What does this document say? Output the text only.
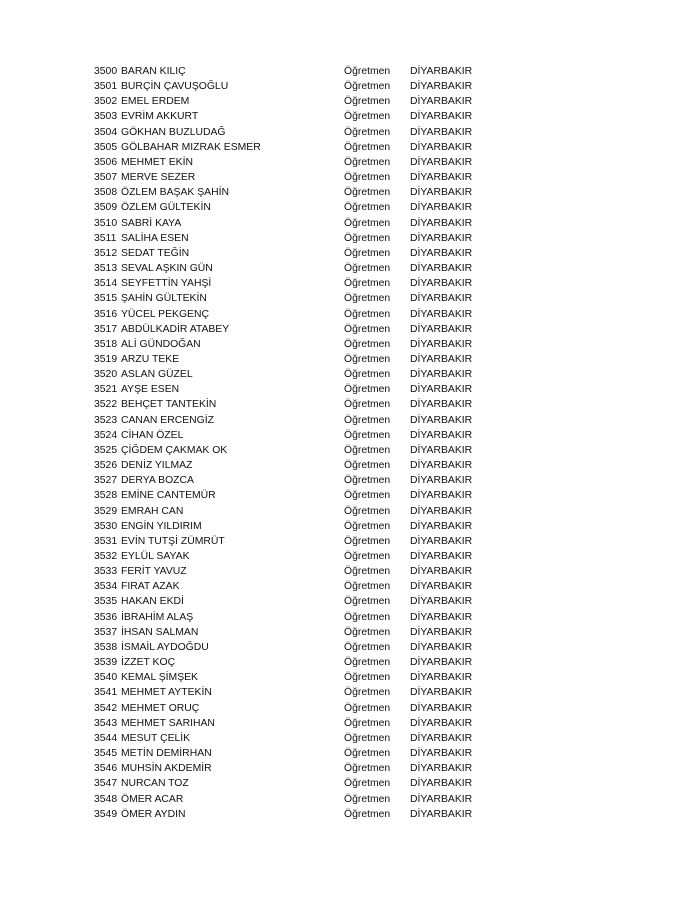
3500 BARAN KILIÇ	Öğretmen DİYARBAKIR
3501 BURÇİN ÇAVUŞOĞLU	Öğretmen DİYARBAKIR
3502 EMEL ERDEM	Öğretmen DİYARBAKIR
3503 EVRİM AKKURT	Öğretmen DİYARBAKIR
3504 GÖKHAN BUZLUDAĞ	Öğretmen DİYARBAKIR
3505 GÖLBAHAR MIZRAK ESMER	Öğretmen DİYARBAKIR
3506 MEHMET EKİN	Öğretmen DİYARBAKIR
3507 MERVE SEZER	Öğretmen DİYARBAKIR
3508 ÖZLEM BAŞAK ŞAHİN	Öğretmen DİYARBAKIR
3509 ÖZLEM GÜLTEKİN	Öğretmen DİYARBAKIR
3510 SABRİ KAYA	Öğretmen DİYARBAKIR
3511 SALİHA ESEN	Öğretmen DİYARBAKIR
3512 SEDAT TEĞİN	Öğretmen DİYARBAKIR
3513 SEVAL AŞKIN GÜN	Öğretmen DİYARBAKIR
3514 SEYFETTİN YAHŞİ	Öğretmen DİYARBAKIR
3515 ŞAHİN GÜLTEKİN	Öğretmen DİYARBAKIR
3516 YÜCEL PEKGENÇ	Öğretmen DİYARBAKIR
3517 ABDÜLKADİR ATABEY	Öğretmen DİYARBAKIR
3518 ALİ GÜNDOĞAN	Öğretmen DİYARBAKIR
3519 ARZU TEKE	Öğretmen DİYARBAKIR
3520 ASLAN GÜZEL	Öğretmen DİYARBAKIR
3521 AYŞE ESEN	Öğretmen DİYARBAKIR
3522 BEHÇET TANTEKİN	Öğretmen DİYARBAKIR
3523 CANAN ERCENGİZ	Öğretmen DİYARBAKIR
3524 CİHAN ÖZEL	Öğretmen DİYARBAKIR
3525 ÇİĞDEM ÇAKMAK OK	Öğretmen DİYARBAKIR
3526 DENİZ YILMAZ	Öğretmen DİYARBAKIR
3527 DERYA BOZCA	Öğretmen DİYARBAKIR
3528 EMİNE CANTEMÜR	Öğretmen DİYARBAKIR
3529 EMRAH CAN	Öğretmen DİYARBAKIR
3530 ENGİN YILDIRIM	Öğretmen DİYARBAKIR
3531 EVİN TUTŞİ ZÜMRÜT	Öğretmen DİYARBAKIR
3532 EYLÜL SAYAK	Öğretmen DİYARBAKIR
3533 FERİT YAVUZ	Öğretmen DİYARBAKIR
3534 FIRAT AZAK	Öğretmen DİYARBAKIR
3535 HAKAN EKDİ	Öğretmen DİYARBAKIR
3536 İBRAHİM ALAŞ	Öğretmen DİYARBAKIR
3537 İHSAN SALMAN	Öğretmen DİYARBAKIR
3538 İSMAİL AYDOĞDU	Öğretmen DİYARBAKIR
3539 İZZET KOÇ	Öğretmen DİYARBAKIR
3540 KEMAL ŞİMŞEK	Öğretmen DİYARBAKIR
3541 MEHMET AYTEKİN	Öğretmen DİYARBAKIR
3542 MEHMET ORUÇ	Öğretmen DİYARBAKIR
3543 MEHMET SARIHAN	Öğretmen DİYARBAKIR
3544 MESUT ÇELİK	Öğretmen DİYARBAKIR
3545 METİN DEMİRHAN	Öğretmen DİYARBAKIR
3546 MUHSİN AKDEMİR	Öğretmen DİYARBAKIR
3547 NURCAN TOZ	Öğretmen DİYARBAKIR
3548 ÖMER ACAR	Öğretmen DİYARBAKIR
3549 ÖMER AYDIN	Öğretmen DİYARBAKIR
